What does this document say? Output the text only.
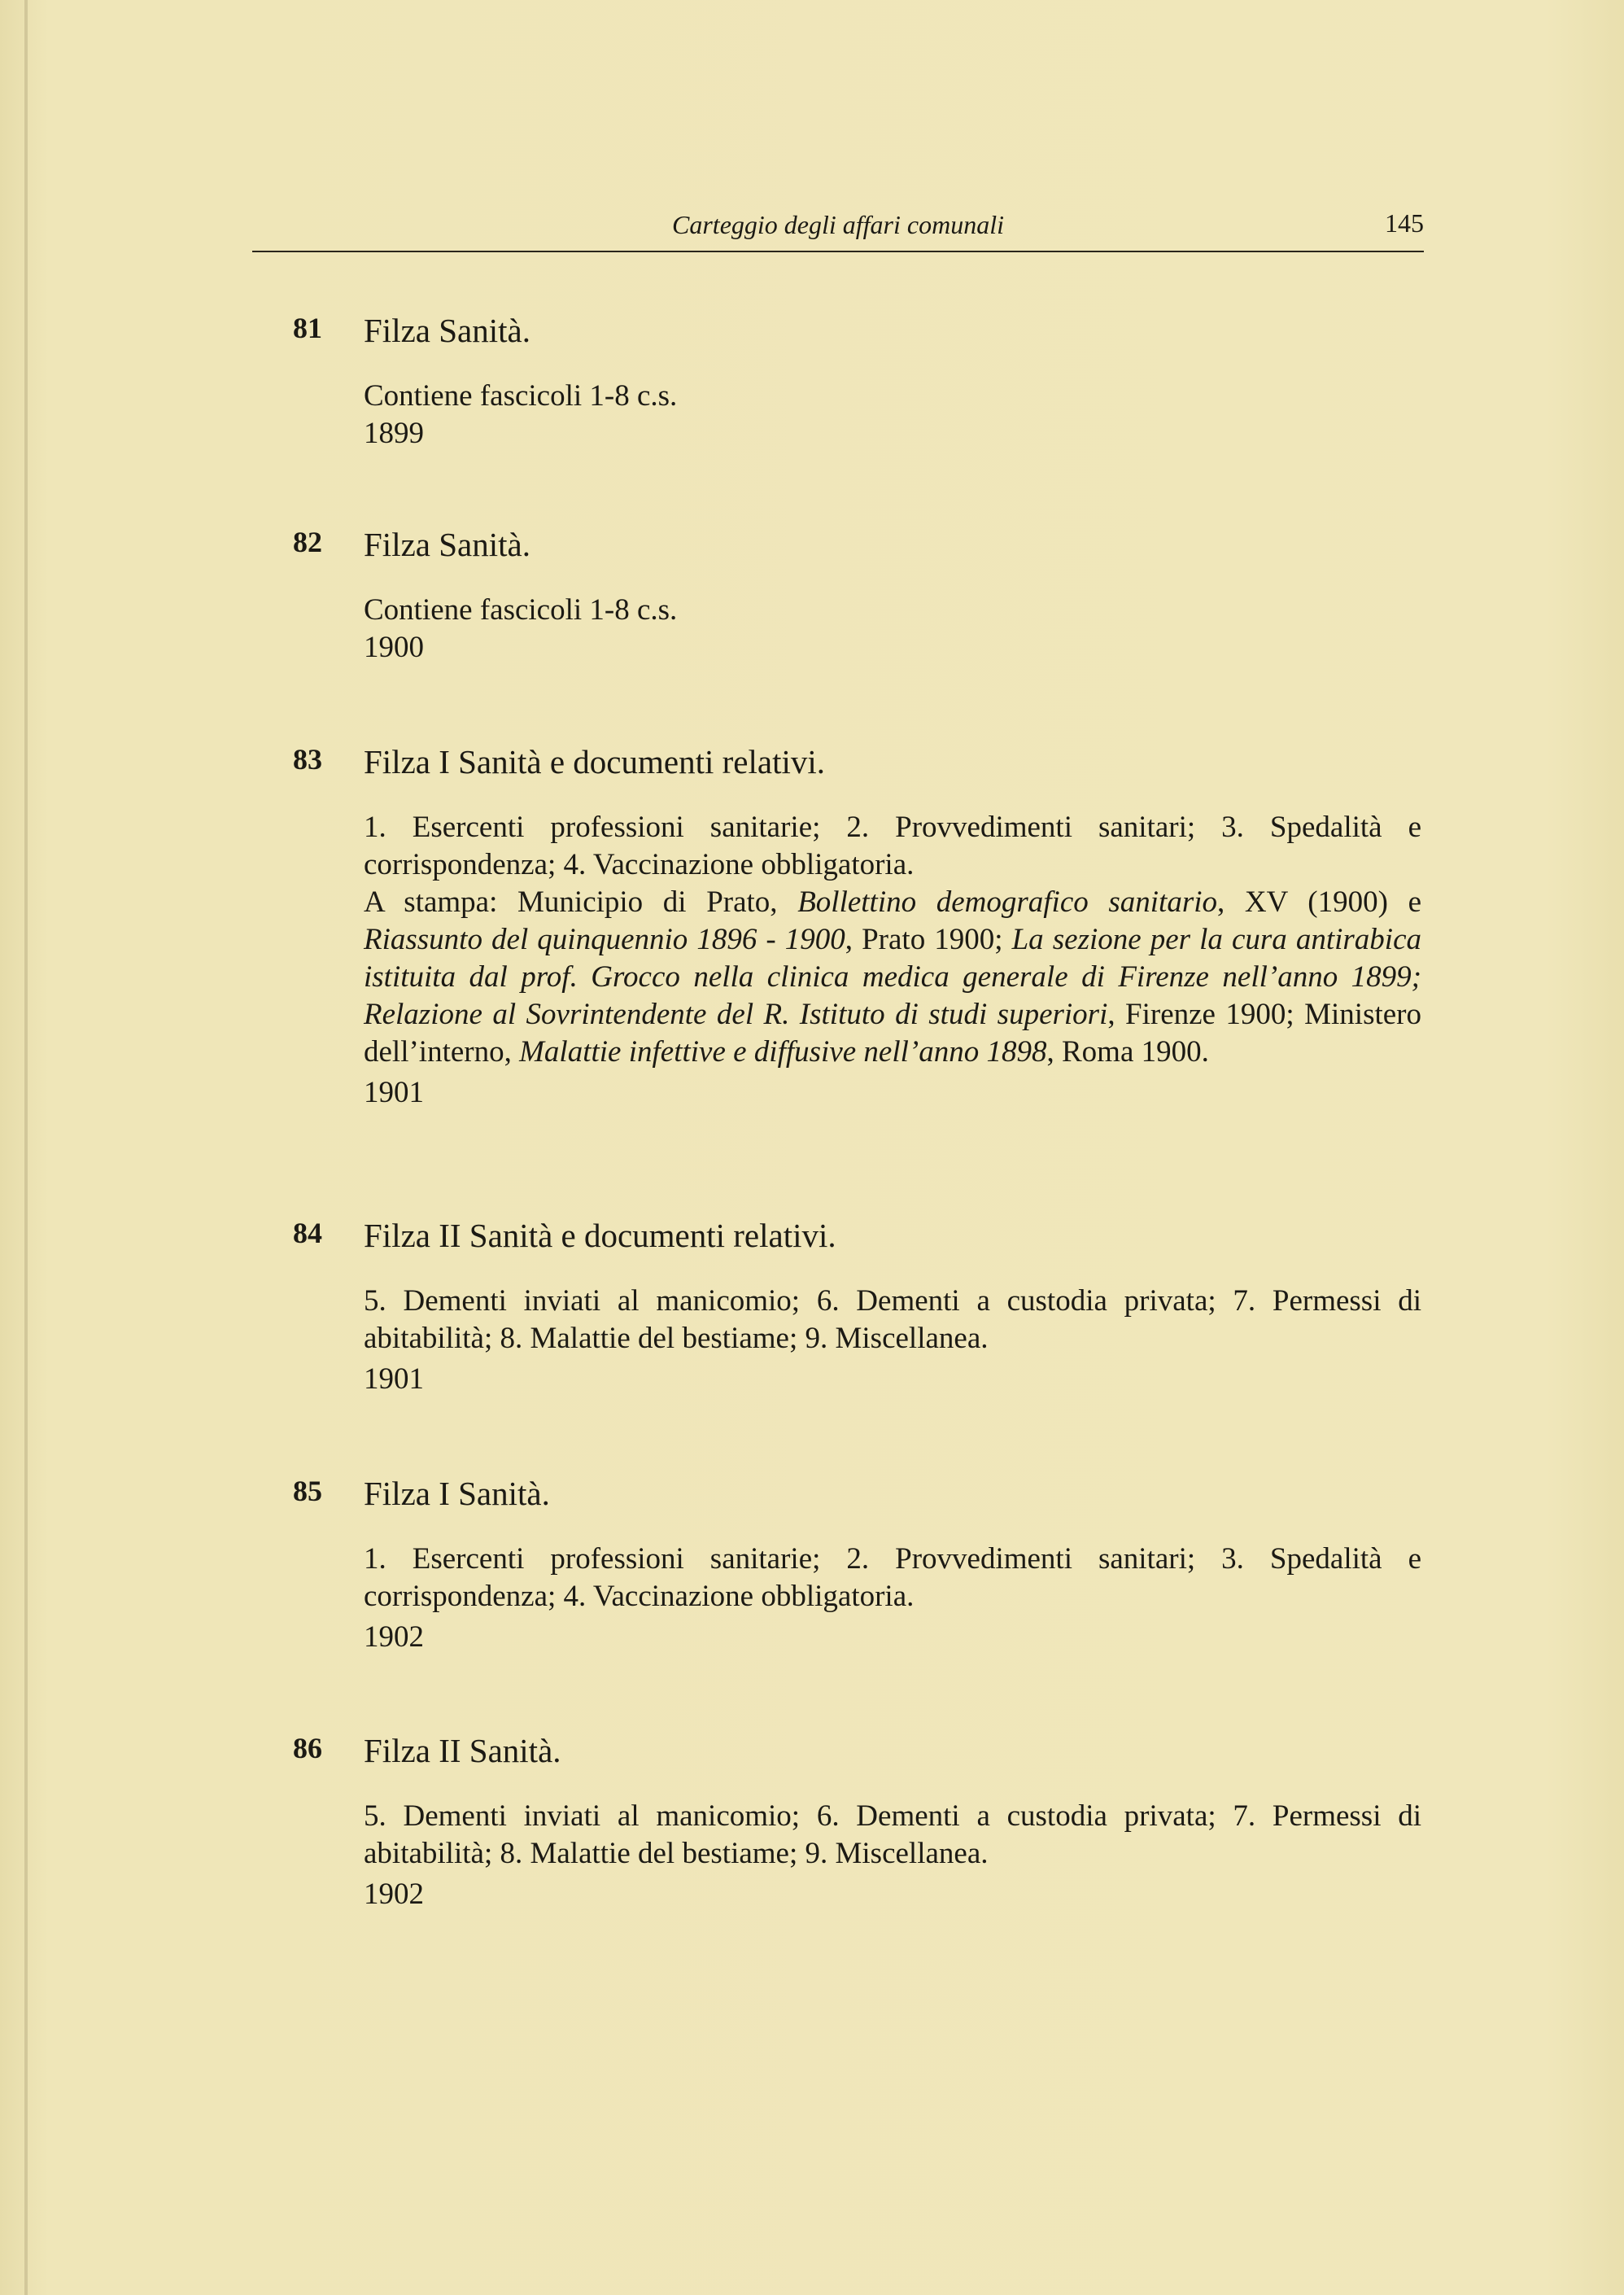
Carteggio degli affari comunali	145
81	Filza Sanità.
Contiene fascicoli 1-8 c.s.
1899
82	Filza Sanità.
Contiene fascicoli 1-8 c.s.
1900
83	Filza I Sanità e documenti relativi.
1. Esercenti professioni sanitarie; 2. Provvedimenti sanitari; 3. Spedalità e corrispondenza; 4. Vaccinazione obbligatoria.
A stampa: Municipio di Prato, Bollettino demografico sanitario, XV (1900) e Riassunto del quinquennio 1896 - 1900, Prato 1900; La sezione per la cura antirabica istituita dal prof. Grocco nella clinica medica generale di Firenze nell’anno 1899; Relazione al Sovrintendente del R. Istituto di studi superiori, Firenze 1900; Ministero dell’interno, Malattie infettive e diffusive nell’anno 1898, Roma 1900.
1901
84	Filza II Sanità e documenti relativi.
5. Dementi inviati al manicomio; 6. Dementi a custodia privata; 7. Permessi di abitabilità; 8. Malattie del bestiame; 9. Miscellanea.
1901
85	Filza I Sanità.
1. Esercenti professioni sanitarie; 2. Provvedimenti sanitari; 3. Spedalità e corrispondenza; 4. Vaccinazione obbligatoria.
1902
86	Filza II Sanità.
5. Dementi inviati al manicomio; 6. Dementi a custodia privata; 7. Permessi di abitabilità; 8. Malattie del bestiame; 9. Miscellanea.
1902
